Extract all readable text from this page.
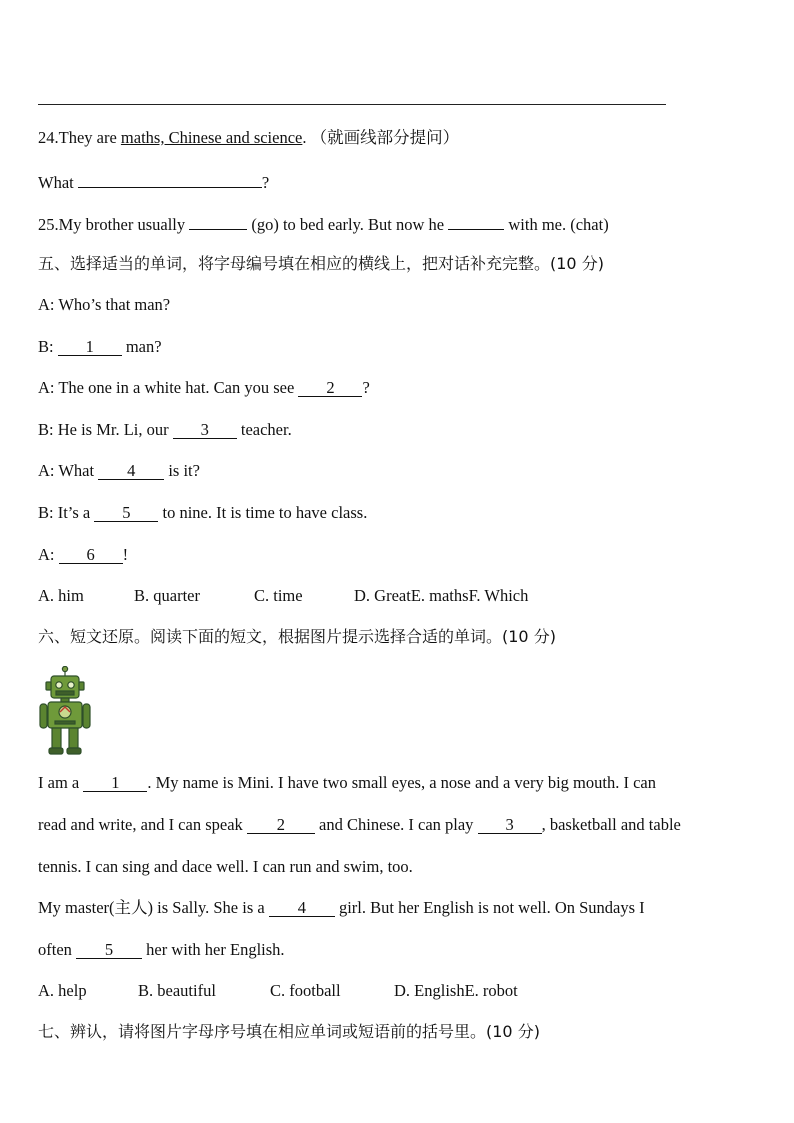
24.They are maths, Chinese and science. （就画线部分提问）
What	?
25.My brother usually	(go) to bed early. But now he	with me. (chat)
五、选择适当的单词，将字母编号填在相应的横线上，把对话补充完整。(10 分)
A: Who’s that man?
B: 1 man?
A: The one in a white hat. Can you see 2 ?
B: He is Mr. Li, our 3 teacher.
A: What 4 is it?
B: It’s a 5 to nine. It is time to have class.
A: 6 !
A. him	B. quarter	C. time	D. GreatE. mathsF. Which
六、短文还原。阅读下面的短文，根据图片提示选择合适的单词。(10 分)
I am a 1 . My name is Mini. I have two small eyes, a nose and a very big mouth. I can
read and write, and I can speak 2 and Chinese. I can play 3 , basketball and table
tennis. I can sing and dace well. I can run and swim, too.
My master(主人) is Sally. She is a 4 girl. But her English is not well. On Sundays I
often 5 her with her English.
A. help	B. beautiful	C. football	D. EnglishE. robot
七、辨认，请将图片字母序号填在相应单词或短语前的括号里。(10 分)
